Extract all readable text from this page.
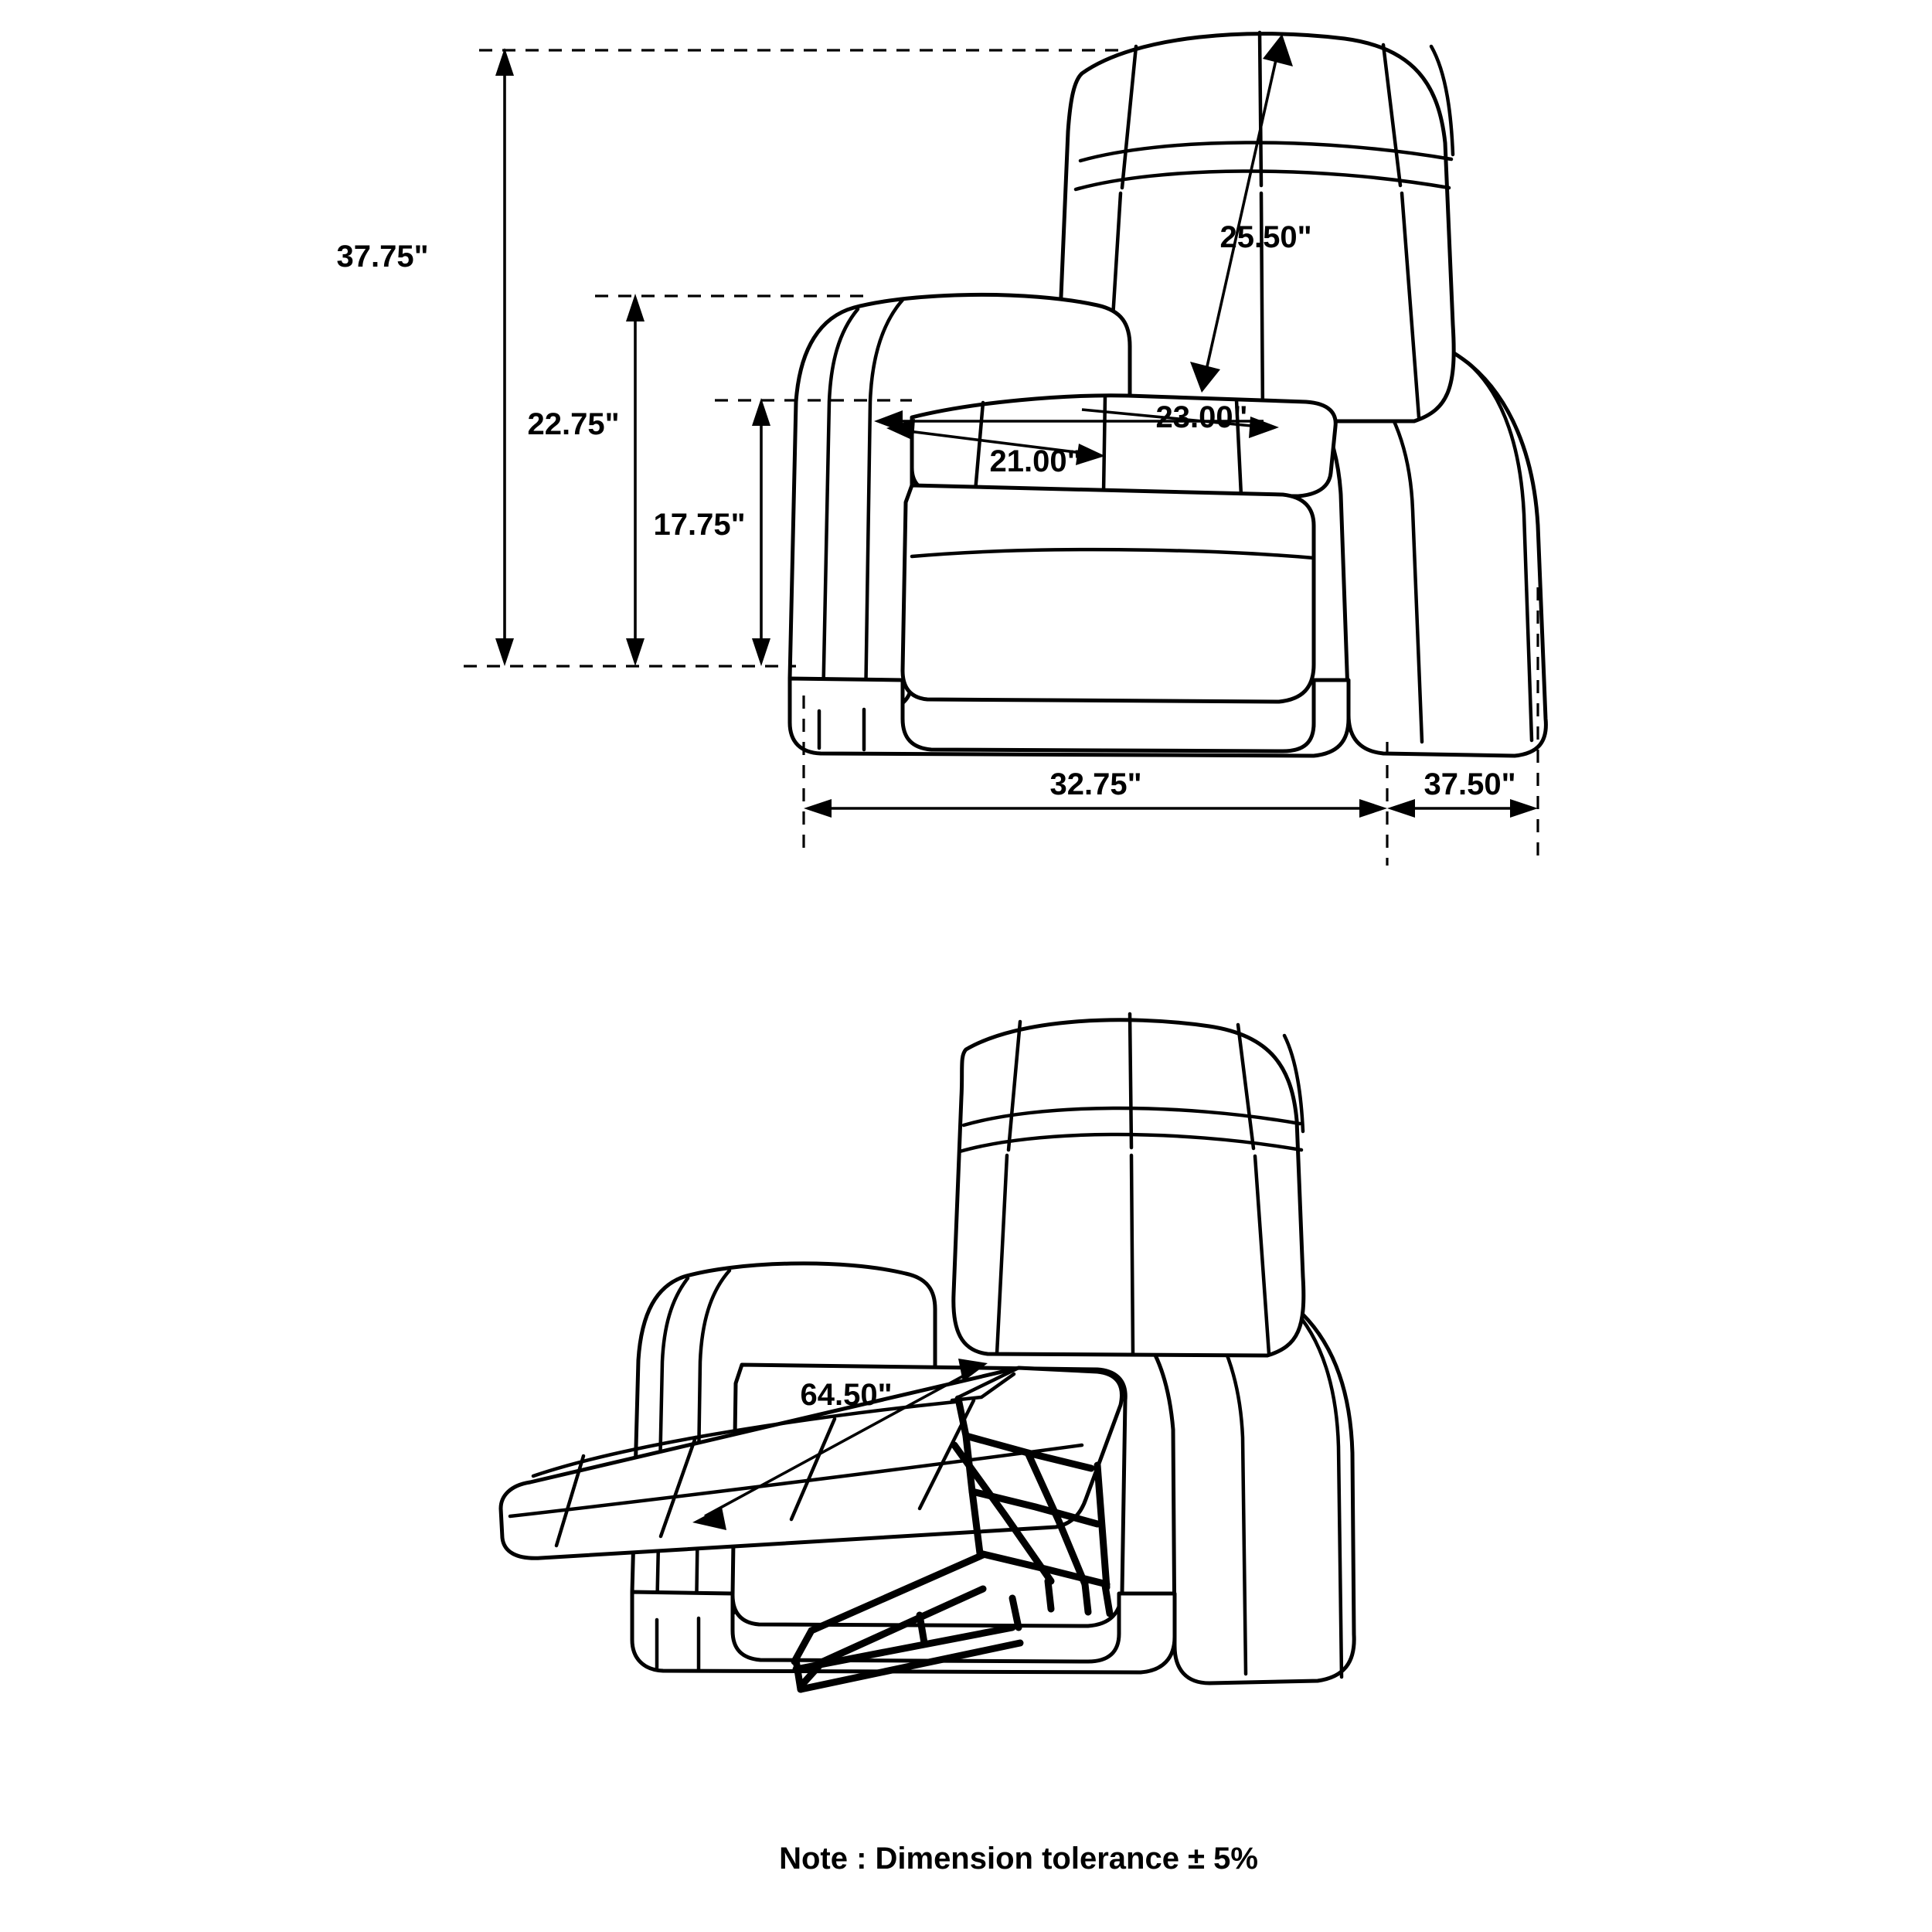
37.75"
22.75"
17.75"
25.50"
23.00"
21.00"
32.75"	37.50"
64.50"
Note : Dimension tolerance ± 5%
